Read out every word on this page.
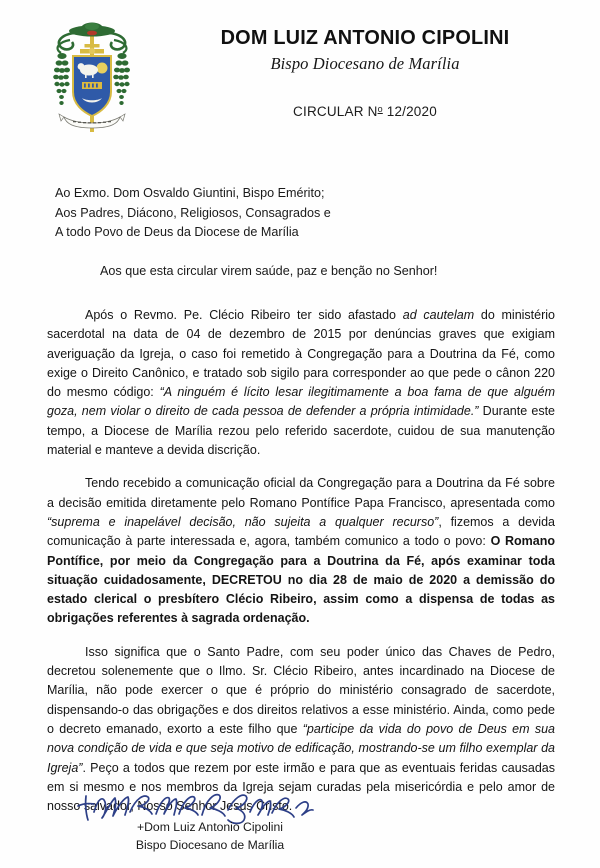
DOM LUIZ ANTONIO CIPOLINI
Bispo Diocesano de Marília
CIRCULAR $N^o$ 12/2020
Ao Exmo. Dom Osvaldo Giuntini, Bispo Emérito;
Aos Padres, Diácono, Religiosos, Consagrados e
A todo Povo de Deus da Diocese de Marília
Aos que esta circular virem saúde, paz e benção no Senhor!

Após o Revmo. Pe. Clécio Ribeiro ter sido afastado ad cautelam do ministério sacerdotal na data de 04 de dezembro de 2015 por denúncias graves que exigiam averiguação da Igreja, o caso foi remetido à Congregação para a Doutrina da Fé, como exige o Direito Canônico, e tratado sob sigilo para corresponder ao que pede o cânon 220 do mesmo código: “A ninguém é lícito lesar ilegitimamente a boa fama de que alguém goza, nem violar o direito de cada pessoa de defender a própria intimidade.” Durante este tempo, a Diocese de Marília rezou pelo referido sacerdote, cuidou de sua manutenção material e manteve a devida discrição.

Tendo recebido a comunicação oficial da Congregação para a Doutrina da Fé sobre a decisão emitida diretamente pelo Romano Pontífice Papa Francisco, apresentada como “suprema e inapelável decisão, não sujeita a qualquer recurso”, fizemos a devida comunicação à parte interessada e, agora, também comunico a todo o povo: O Romano Pontífice, por meio da Congregação para a Doutrina da Fé, após examinar toda situação cuidadosamente, DECRETOU no dia 28 de maio de 2020 a demissão do estado clerical o presbítero Clécio Ribeiro, assim como a dispensa de todas as obrigações referentes à sagrada ordenação.

Isso significa que o Santo Padre, com seu poder único das Chaves de Pedro, decretou solenemente que o Ilmo. Sr. Clécio Ribeiro, antes incardinado na Diocese de Marília, não pode exercer o que é próprio do ministério consagrado de sacerdote, dispensando-o das obrigações e dos direitos relativos a esse ministério. Ainda, como pede o decreto emanado, exorto a este filho que “participe da vida do povo de Deus em sua nova condição de vida e que seja motivo de edificação, mostrando-se um filho exemplar da Igreja”. Peço a todos que rezem por este irmão e para que as eventuais feridas causadas em si mesmo e nos membros da Igreja sejam curadas pela misericórdia e pelo amor de nosso salvador, Nosso Senhor Jesus Cristo.

+Dom Luiz Antonio Cipolini
Bispo Diocesano de Marília
